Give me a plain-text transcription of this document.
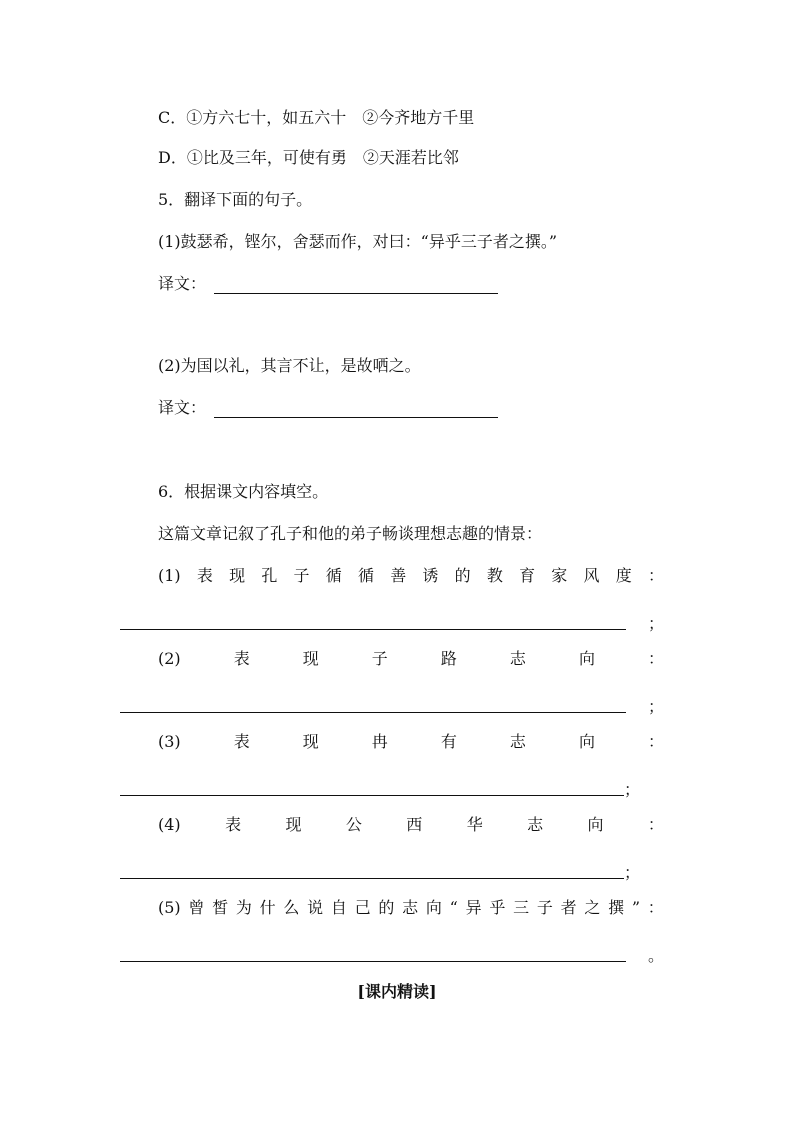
C．①方六七十，如五六十　②今齐地方千里
D．①比及三年，可使有勇　②天涯若比邻
5．翻译下面的句子。
(1)鼓瑟希，铿尔，舍瑟而作，对曰：“异乎三子者之撰。”
译文：
(2)为国以礼，其言不让，是故哂之。
译文：
6．根据课文内容填空。
这篇文章记叙了孔子和他的弟子畅谈理想志趣的情景：
(1) 表 现 孔 子 循 循 善 诱 的 教 育 家 风 度 ：
；
(2)	表	现	子	路	志	向	：
；
(3)	表	现	冉	有	志	向	：
；
(4)	表	现	公	西	华	志	向	：
；
(5) 曾 皙 为 什 么 说 自 己 的 志 向 “ 异 乎 三 子 者 之 撰 ” ：
。
[课内精读]
